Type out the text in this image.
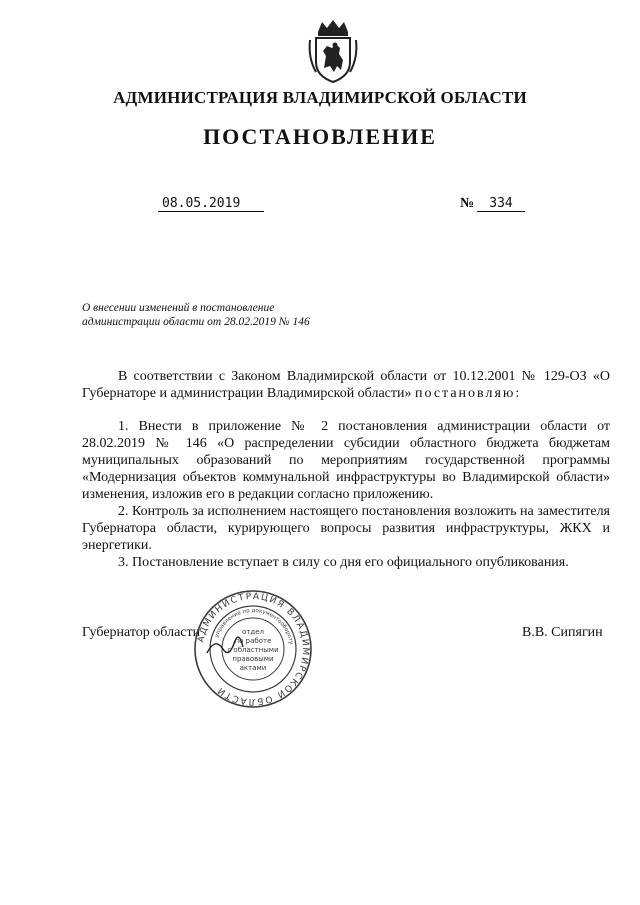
АДМИНИСТРАЦИЯ ВЛАДИМИРСКОЙ ОБЛАСТИ
ПОСТАНОВЛЕНИЕ
08.05.2019	№	334
О внесении изменений в постановление
администрации области от 28.02.2019 № 146

В соответствии с Законом Владимирской области от 10.12.2001 № 129-ОЗ «О Губернаторе и администрации Владимирской области» постановляю:

1. Внести в приложение № 2 постановления администрации области от 28.02.2019 № 146 «О распределении субсидии областного бюджета бюджетам муниципальных образований по мероприятиям государственной программы «Модернизация объектов коммунальной инфраструктуры во Владимирской области» изменения, изложив его в редакции согласно приложению.
2. Контроль за исполнением настоящего постановления возложить на заместителя Губернатора области, курирующего вопросы развития инфраструктуры, ЖКХ и энергетики.
3. Постановление вступает в силу со дня его официального опубликования.
Губернатор области	В.В. Сипягин
АДМИНИСТРАЦИЯ ВЛАДИМИРСКОЙ ОБЛАСТИ
управление по документообороту
отдел
по работе
с областными
правовыми
актами
